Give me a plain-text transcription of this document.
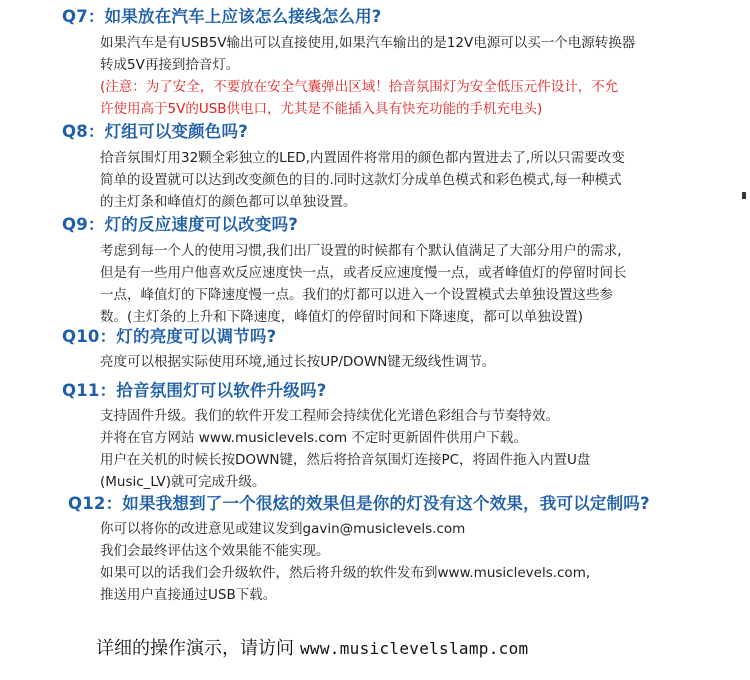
Q7：如果放在汽车上应该怎么接线怎么用?
如果汽车是有USB5V输出可以直接使用,如果汽车输出的是12V电源可以买一个电源转换器
转成5V再接到拾音灯。
(注意：为了安全，不要放在安全气囊弹出区域！拾音氛围灯为安全低压元件设计，不允
许使用高于5V的USB供电口，尤其是不能插入具有快充功能的手机充电头)
Q8：灯组可以变颜色吗?
拾音氛围灯用32颗全彩独立的LED,内置固件将常用的颜色都内置进去了,所以只需要改变
简单的设置就可以达到改变颜色的目的.同时这款灯分成单色模式和彩色模式,每一种模式
的主灯条和峰值灯的颜色都可以单独设置。
Q9：灯的反应速度可以改变吗?
考虑到每一个人的使用习惯,我们出厂设置的时候都有个默认值满足了大部分用户的需求,
但是有一些用户他喜欢反应速度快一点，或者反应速度慢一点，或者峰值灯的停留时间长
一点，峰值灯的下降速度慢一点。我们的灯都可以进入一个设置模式去单独设置这些参
数。(主灯条的上升和下降速度，峰值灯的停留时间和下降速度，都可以单独设置)
Q10：灯的亮度可以调节吗?
亮度可以根据实际使用环境,通过长按UP/DOWN键无级线性调节。
Q11：拾音氛围灯可以软件升级吗?
支持固件升级。我们的软件开发工程师会持续优化光谱色彩组合与节奏特效。
并将在官方网站 www.musiclevels.com 不定时更新固件供用户下载。
用户在关机的时候长按DOWN键，然后将拾音氛围灯连接PC，将固件拖入内置U盘
(Music_LV)就可完成升级。
Q12：如果我想到了一个很炫的效果但是你的灯没有这个效果，我可以定制吗?
你可以将你的改进意见或建议发到gavin@musiclevels.com
我们会最终评估这个效果能不能实现。
如果可以的话我们会升级软件，然后将升级的软件发布到www.musiclevels.com,
推送用户直接通过USB下载。

详细的操作演示，请访问 www.musiclevelslamp.com
